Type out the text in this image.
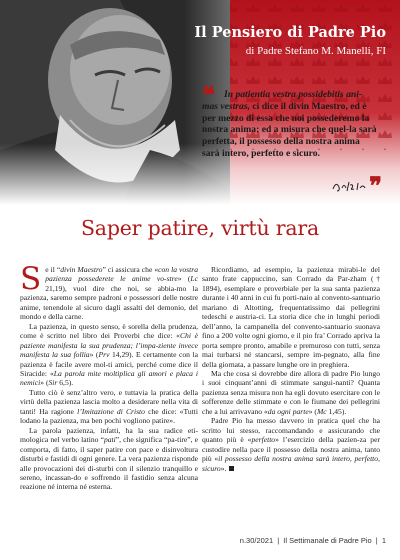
Il Pensiero di Padre Pio
di Padre Stefano M. Manelli, FI
❝ In patientia vestra possidebitis ani-mas vestras, ci dice il divin Maestro, ed è per mezzo di essa che noi possederemo la nostra anima; ed a misura che quel-la sarà perfetta, il possesso della nostra anima sarà intero, perfetto e sicuro.
❞
Saper patire, virtù rara
S e il “divin Maestro” ci assicura che «con la vostra pazienza possederete le anime vo-stre» (Lc 21,19), vuol dire che noi, se abbia-mo la pazienza, saremo sempre padroni e possessori delle nostre anime, tenendole al sicuro dagli assalti del demonio, del mondo e della carne.

La pazienza, in questo senso, è sorella della prudenza, come è scritto nel libro dei Proverbi che dice: «Chi è paziente manifesta la sua prudenza; l’impa-ziente invece manifesta la sua follia» (Prv 14,29). E certamente con la pazienza è facile avere mol-ti amici, perché come dice il Siracide: «La parola mite moltiplica gli amori e placa i nemici» (Sir 6,5).

Tutto ciò è senz’altro vero, e tuttavia la pratica della virtù della pazienza lascia molto a desiderare nella vita di tanti! Ha ragione l’Imitazione di Cristo che dice: «Tutti lodano la pazienza, ma ben pochi vogliono patire».

La parola pazienza, infatti, ha la sua radice eti-mologica nel verbo latino “pati”, che significa “pa-tire”, e comporta, di fatto, il saper patire con pace e disinvoltura disturbi e fastidi di ogni genere. La vera pazienza risponde alle provocazioni dei di-sturbi con il silenzio tranquillo e sereno, incassan-do e soffrendo il fastidio senza alcuna reazione né interna né esterna.

Ricordiamo, ad esempio, la pazienza mirabi-le del santo frate cappuccino, san Corrado da Par-zham († 1894), esemplare e proverbiale per la sua santa pazienza durante i 40 anni in cui fu porti-naio al convento-santuario mariano di Altotting, frequentatissimo dai pellegrini tedeschi e austria-ci. La storia dice che in lunghi periodi dell’anno, la campanella del convento-santuario suonava fino a 200 volte ogni giorno, e il pio fra’ Corrado apriva la porta sempre pronto, amabile e premuroso con tutti, senza mai turbarsi né stancarsi, sempre im-pegnato, alla fine della giornata, a passare lunghe ore in preghiera.

Ma che cosa si dovrebbe dire allora di padre Pio lungo i suoi cinquant’anni di stimmate sangui-nanti? Quanta pazienza senza misura non ha egli dovuto esercitare con le sofferenze delle stimmate e con le fiumane dei pellegrini che a lui arrivavano «da ogni parte» (Mc 1,45).

Padre Pio ha messo davvero in pratica quel che ha scritto lui stesso, raccomandando e assicurando che quanto più è «perfetto» l’esercizio della pazien-za per custodire nella pace il possesso della nostra anima, tanto più «il possesso della nostra anima sarà intero, perfetto, sicuro».

n.30/2021 | Il Settimanale di Padre Pio | 1
